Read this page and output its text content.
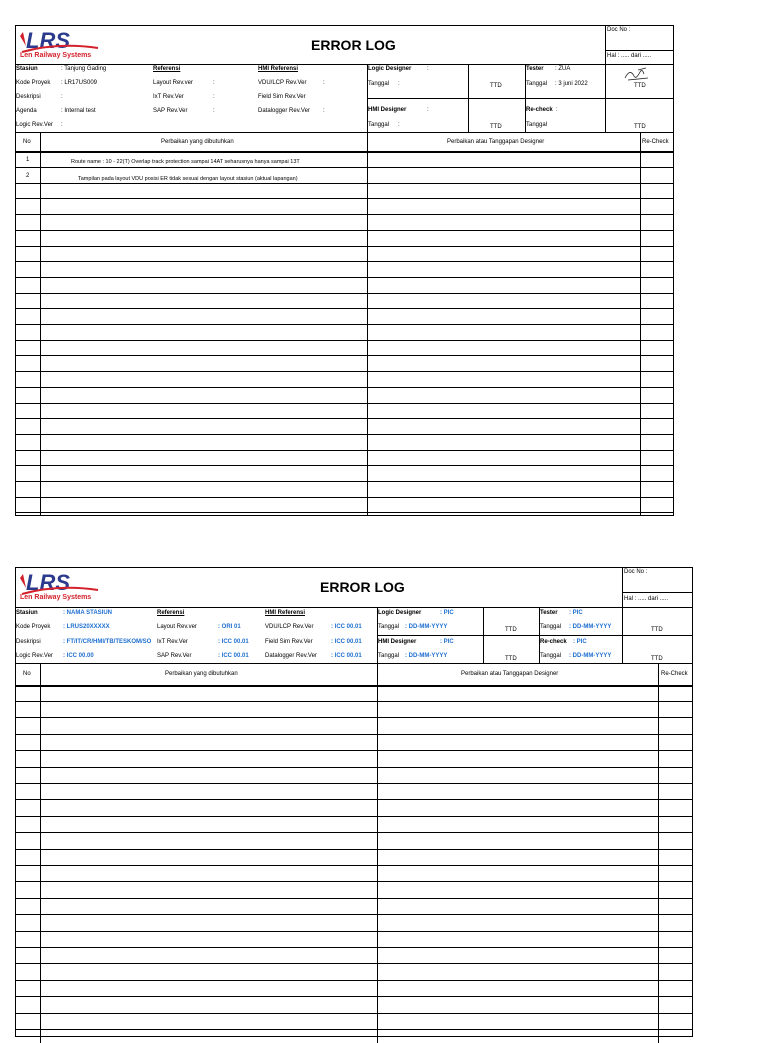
LRS
Len Railway Systems
ERROR LOG
Doc No :
Hal : ..... dari .....
Stasiun	: Tanjung Gading
Kode Proyek : LR17US009
Deskripsi	:
Agenda	: Internal test
Logic Rev.Ver :
Referensi
Layout Rev.ver	:
IxT Rev.Ver	:
SAP Rev.Ver	:
HMI Referensi
VDU/LCP Rev.Ver	:
Field Sim Rev.Ver
Datalogger Rev.Ver :
Logic Designer	:
Tanggal :	TTD
HMI Designer	:
Tanggal :	TTD
Tester : ZUA
Tanggal : 3 juni 2022	TTD
Re-check :
Tanggal	TTD
No	Perbaikan yang dibutuhkan	Perbaikan atau Tanggapan Designer	Re-Check
1	Route name : 10 - 22(T) Overlap track protection sampai 14AT seharusnya hanya sampai 13T
2	Tampilan pada layout VDU posisi ER tidak sesuai dengan layout stasiun (aktual lapangan)
LRS
Len Railway Systems
ERROR LOG
Doc No :
Hal : ..... dari .....
Stasiun	: NAMA STASIUN
Kode Proyek : LRUS20XXXXX
Deskripsi	: FT/IT/CR/HMI/TB/TESKOM/SO
Logic Rev.Ver : ICC 00.00
Referensi
Layout Rev.ver	: ORI 01
IxT Rev.Ver	: ICC 00.01
SAP Rev.Ver	: ICC 00.01
HMI Referensi
VDU/LCP Rev.Ver	: ICC 00.01
Field Sim Rev.Ver	: ICC 00.01
Datalogger Rev.Ver : ICC 00.01
Logic Designer	: PIC
Tanggal : DD-MM-YYYY	TTD
HMI Designer	: PIC
Tanggal : DD-MM-YYYY	TTD
Tester : PIC
Tanggal : DD-MM-YYYY	TTD
Re-check : PIC
Tanggal : DD-MM-YYYY	TTD
No	Perbaikan yang dibutuhkan	Perbaikan atau Tanggapan Designer	Re-Check
